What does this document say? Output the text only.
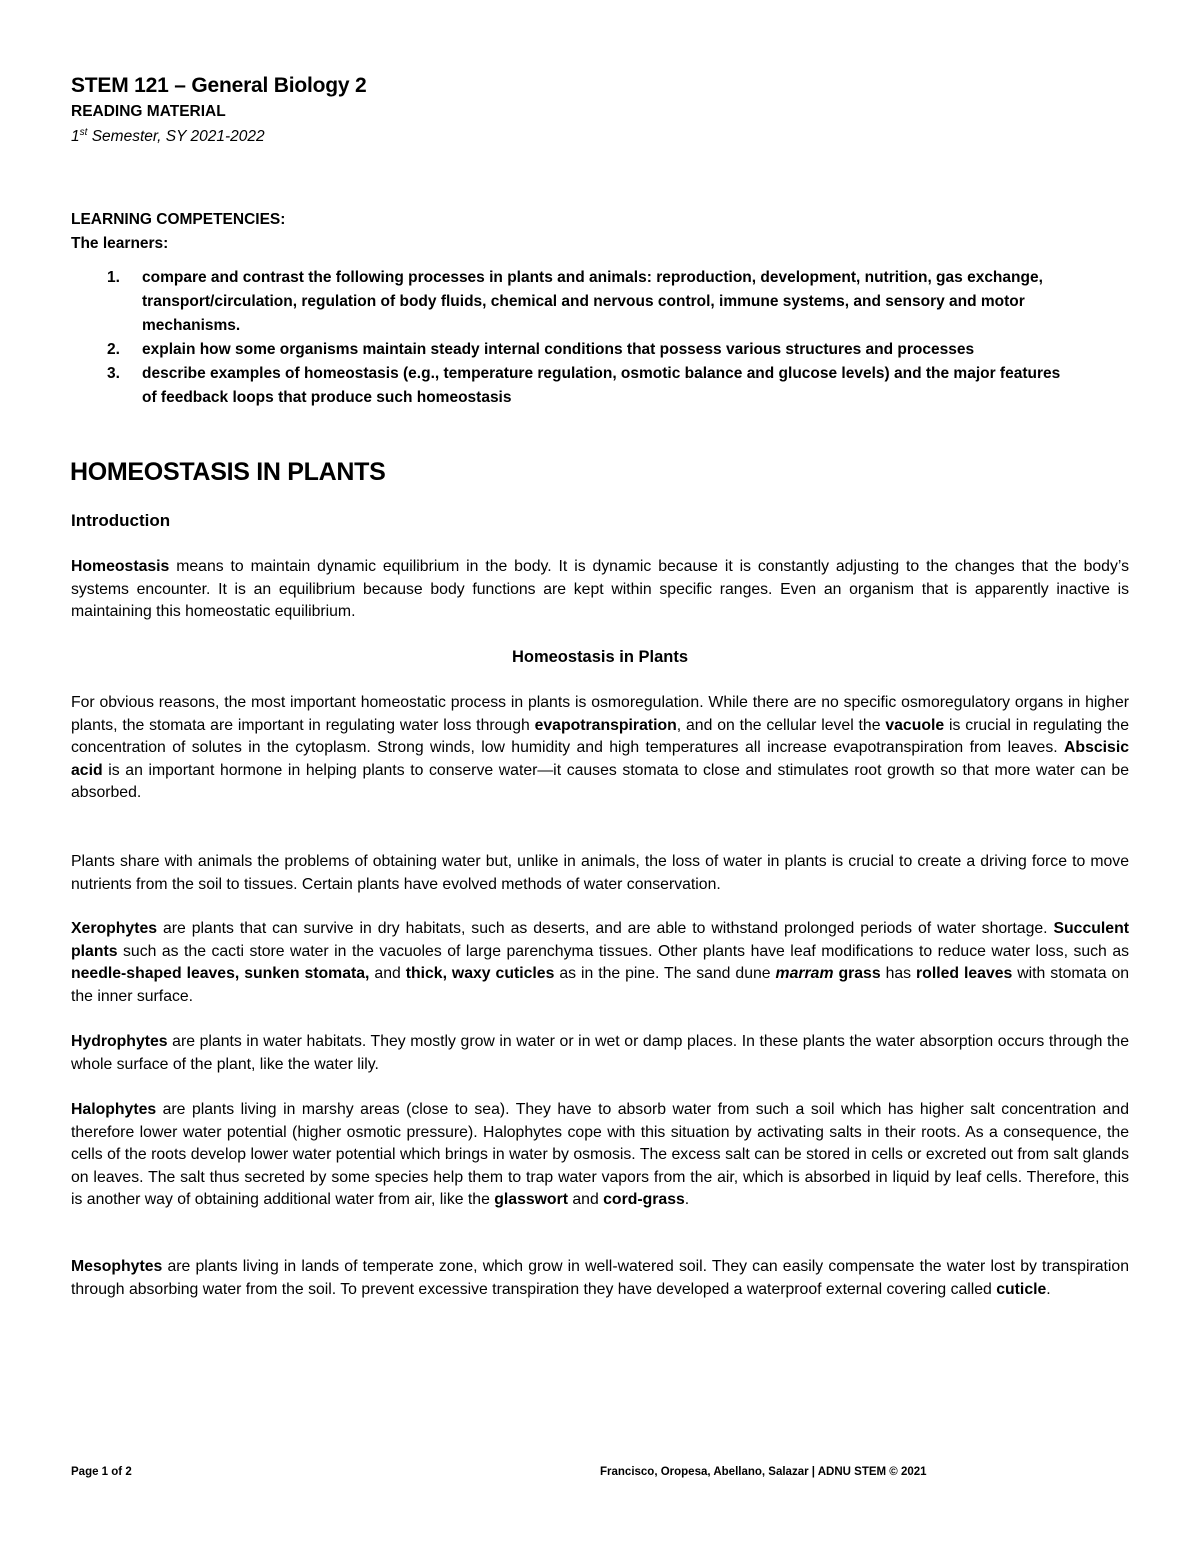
STEM 121 – General Biology 2
READING MATERIAL
1st Semester, SY 2021-2022
LEARNING COMPETENCIES:
The learners:
1. compare and contrast the following processes in plants and animals: reproduction, development, nutrition, gas exchange, transport/circulation, regulation of body fluids, chemical and nervous control, immune systems, and sensory and motor mechanisms.
2. explain how some organisms maintain steady internal conditions that possess various structures and processes
3. describe examples of homeostasis (e.g., temperature regulation, osmotic balance and glucose levels) and the major features of feedback loops that produce such homeostasis
HOMEOSTASIS IN PLANTS
Introduction
Homeostasis means to maintain dynamic equilibrium in the body. It is dynamic because it is constantly adjusting to the changes that the body’s systems encounter. It is an equilibrium because body functions are kept within specific ranges. Even an organism that is apparently inactive is maintaining this homeostatic equilibrium.
Homeostasis in Plants
For obvious reasons, the most important homeostatic process in plants is osmoregulation. While there are no specific osmoregulatory organs in higher plants, the stomata are important in regulating water loss through evapotranspiration, and on the cellular level the vacuole is crucial in regulating the concentration of solutes in the cytoplasm. Strong winds, low humidity and high temperatures all increase evapotranspiration from leaves. Abscisic acid is an important hormone in helping plants to conserve water—it causes stomata to close and stimulates root growth so that more water can be absorbed.
Plants share with animals the problems of obtaining water but, unlike in animals, the loss of water in plants is crucial to create a driving force to move nutrients from the soil to tissues. Certain plants have evolved methods of water conservation.
Xerophytes are plants that can survive in dry habitats, such as deserts, and are able to withstand prolonged periods of water shortage. Succulent plants such as the cacti store water in the vacuoles of large parenchyma tissues. Other plants have leaf modifications to reduce water loss, such as needle-shaped leaves, sunken stomata, and thick, waxy cuticles as in the pine. The sand dune marram grass has rolled leaves with stomata on the inner surface.
Hydrophytes are plants in water habitats. They mostly grow in water or in wet or damp places. In these plants the water absorption occurs through the whole surface of the plant, like the water lily.
Halophytes are plants living in marshy areas (close to sea). They have to absorb water from such a soil which has higher salt concentration and therefore lower water potential (higher osmotic pressure). Halophytes cope with this situation by activating salts in their roots. As a consequence, the cells of the roots develop lower water potential which brings in water by osmosis. The excess salt can be stored in cells or excreted out from salt glands on leaves. The salt thus secreted by some species help them to trap water vapors from the air, which is absorbed in liquid by leaf cells. Therefore, this is another way of obtaining additional water from air, like the glasswort and cord-grass.
Mesophytes are plants living in lands of temperate zone, which grow in well-watered soil. They can easily compensate the water lost by transpiration through absorbing water from the soil. To prevent excessive transpiration they have developed a waterproof external covering called cuticle.
Page 1 of 2	Francisco, Oropesa, Abellano, Salazar | ADNU STEM © 2021
